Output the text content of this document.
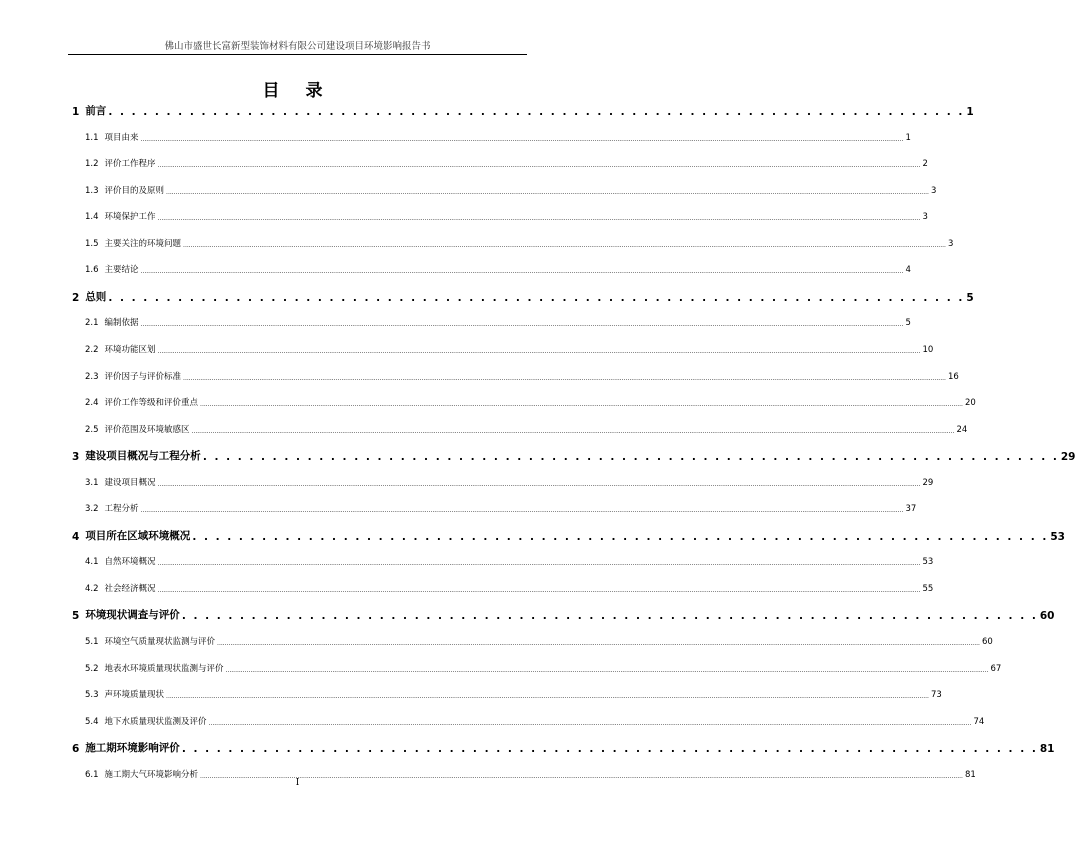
佛山市盛世长富新型装饰材料有限公司建设项目环境影响报告书
目 录
1 前言 . . . . . . . . . . . . . . . . . . . . . . . . . . . . . . . . . . . . . . . . . . . . . . . . . . . . . . . . . . . . . . . . . . . . . . . . . . 1
1.1 项目由来 ................................................................................................................................................................................................................................................................................................................................................................................................................ 1
1.2 评价工作程序 ................................................................................................................................................................................................................................................................................................................................................................................................................ 2
1.3 评价目的及原则 ................................................................................................................................................................................................................................................................................................................................................................................................................ 3
1.4 环境保护工作 ................................................................................................................................................................................................................................................................................................................................................................................................................ 3
1.5 主要关注的环境问题 ................................................................................................................................................................................................................................................................................................................................................................................................................ 3
1.6 主要结论 ................................................................................................................................................................................................................................................................................................................................................................................................................ 4
2 总则 . . . . . . . . . . . . . . . . . . . . . . . . . . . . . . . . . . . . . . . . . . . . . . . . . . . . . . . . . . . . . . . . . . . . . . . . . . 5
2.1 编制依据 ................................................................................................................................................................................................................................................................................................................................................................................................................ 5
2.2 环境功能区划 ................................................................................................................................................................................................................................................................................................................................................................................................................ 10
2.3 评价因子与评价标准 ................................................................................................................................................................................................................................................................................................................................................................................................................ 16
2.4 评价工作等级和评价重点 ................................................................................................................................................................................................................................................................................................................................................................................................................ 20
2.5 评价范围及环境敏感区 ................................................................................................................................................................................................................................................................................................................................................................................................................ 24
3 建设项目概况与工程分析 . . . . . . . . . . . . . . . . . . . . . . . . . . . . . . . . . . . . . . . . . . . . . . . . . . . . . . . . . . . . . . . . . . . . . . . . . . 29
3.1 建设项目概况 ................................................................................................................................................................................................................................................................................................................................................................................................................ 29
3.2 工程分析 ................................................................................................................................................................................................................................................................................................................................................................................................................ 37
4 项目所在区域环境概况 . . . . . . . . . . . . . . . . . . . . . . . . . . . . . . . . . . . . . . . . . . . . . . . . . . . . . . . . . . . . . . . . . . . . . . . . . . 53
4.1 自然环境概况 ................................................................................................................................................................................................................................................................................................................................................................................................................ 53
4.2 社会经济概况 ................................................................................................................................................................................................................................................................................................................................................................................................................ 55
5 环境现状调查与评价 . . . . . . . . . . . . . . . . . . . . . . . . . . . . . . . . . . . . . . . . . . . . . . . . . . . . . . . . . . . . . . . . . . . . . . . . . . 60
5.1 环境空气质量现状监测与评价 ................................................................................................................................................................................................................................................................................................................................................................................................................ 60
5.2 地表水环境质量现状监测与评价 ................................................................................................................................................................................................................................................................................................................................................................................................................ 67
5.3 声环境质量现状 ................................................................................................................................................................................................................................................................................................................................................................................................................ 73
5.4 地下水质量现状监测及评价 ................................................................................................................................................................................................................................................................................................................................................................................................................ 74
6 施工期环境影响评价 . . . . . . . . . . . . . . . . . . . . . . . . . . . . . . . . . . . . . . . . . . . . . . . . . . . . . . . . . . . . . . . . . . . . . . . . . . 81
6.1 施工期大气环境影响分析 ................................................................................................................................................................................................................................................................................................................................................................................................................ 81
I
